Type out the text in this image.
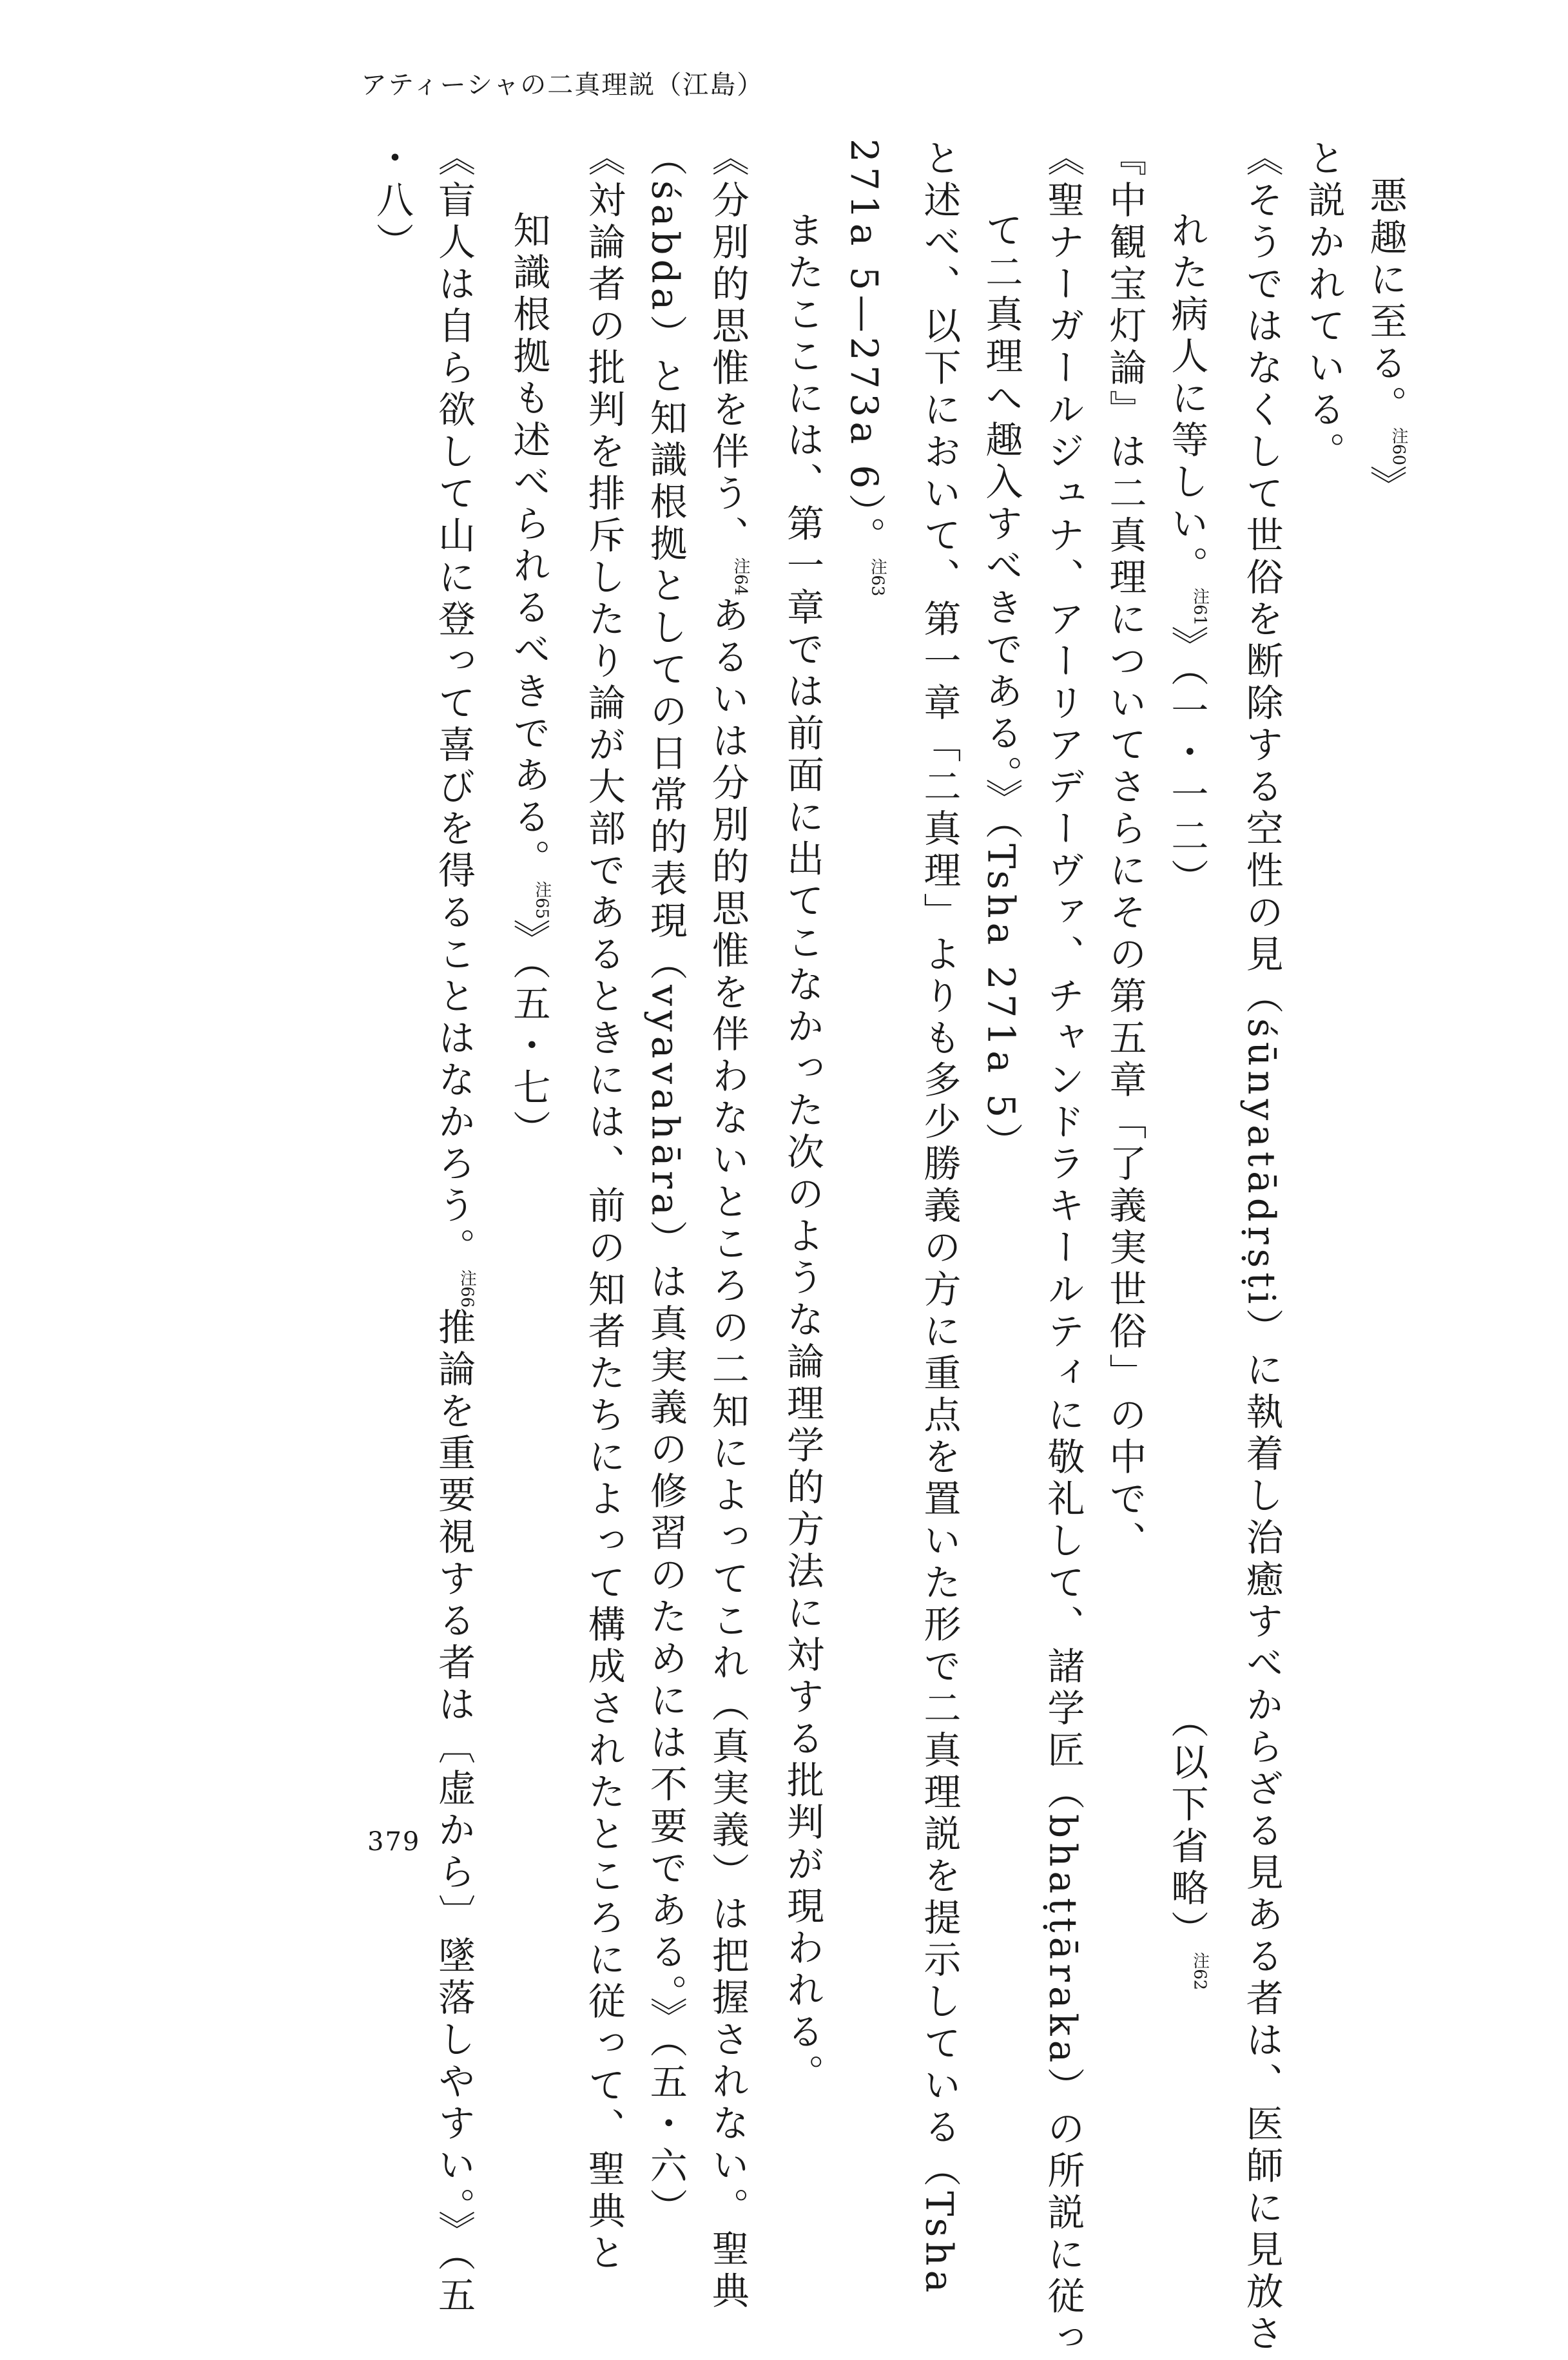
アティーシャの二真理説（江島）

悪趣に至る。$^{注60}$》

と説かれている。

《そうではなくして世俗を断除する空性の見（śūnyatādṛṣṭi）に執着し治癒すべからざる見ある者は、医師に見放さ

れた病人に等しい。$^{注61}$》（一・一二）　　　　　　　　　　　　　　　　　　　　（以下省略）$^{注62}$

『中観宝灯論』は二真理についてさらにその第五章「了義実世俗」の中で、

《聖ナーガールジュナ、アーリアデーヴァ、チャンドラキールティに敬礼して、諸学匠（bhaṭṭāraka）の所説に従っ

て二真理へ趣入すべきである。》（Tsha 271a 5）

と述べ、以下において、第一章「二真理」よりも多少勝義の方に重点を置いた形で二真理説を提示している（Tsha

271a 5—273a 6）。$^{注63}$

またここには、第一章では前面に出てこなかった次のような論理学的方法に対する批判が現われる。

《分別的思惟を伴う、$^{注64}$あるいは分別的思惟を伴わないところの二知によってこれ（真実義）は把握されない。聖典

（śabda）と知識根拠としての日常的表現（vyavahāra）は真実義の修習のためには不要である。》（五・六）

《対論者の批判を排斥したり論が大部であるときには、前の知者たちによって構成されたところに従って、聖典と

知識根拠も述べられるべきである。$^{注65}$》（五・七）

《盲人は自ら欲して山に登って喜びを得ることはなかろう。$^{注66}$推論を重要視する者は〔虚から〕墜落しやすい。》（五

・八）

379
